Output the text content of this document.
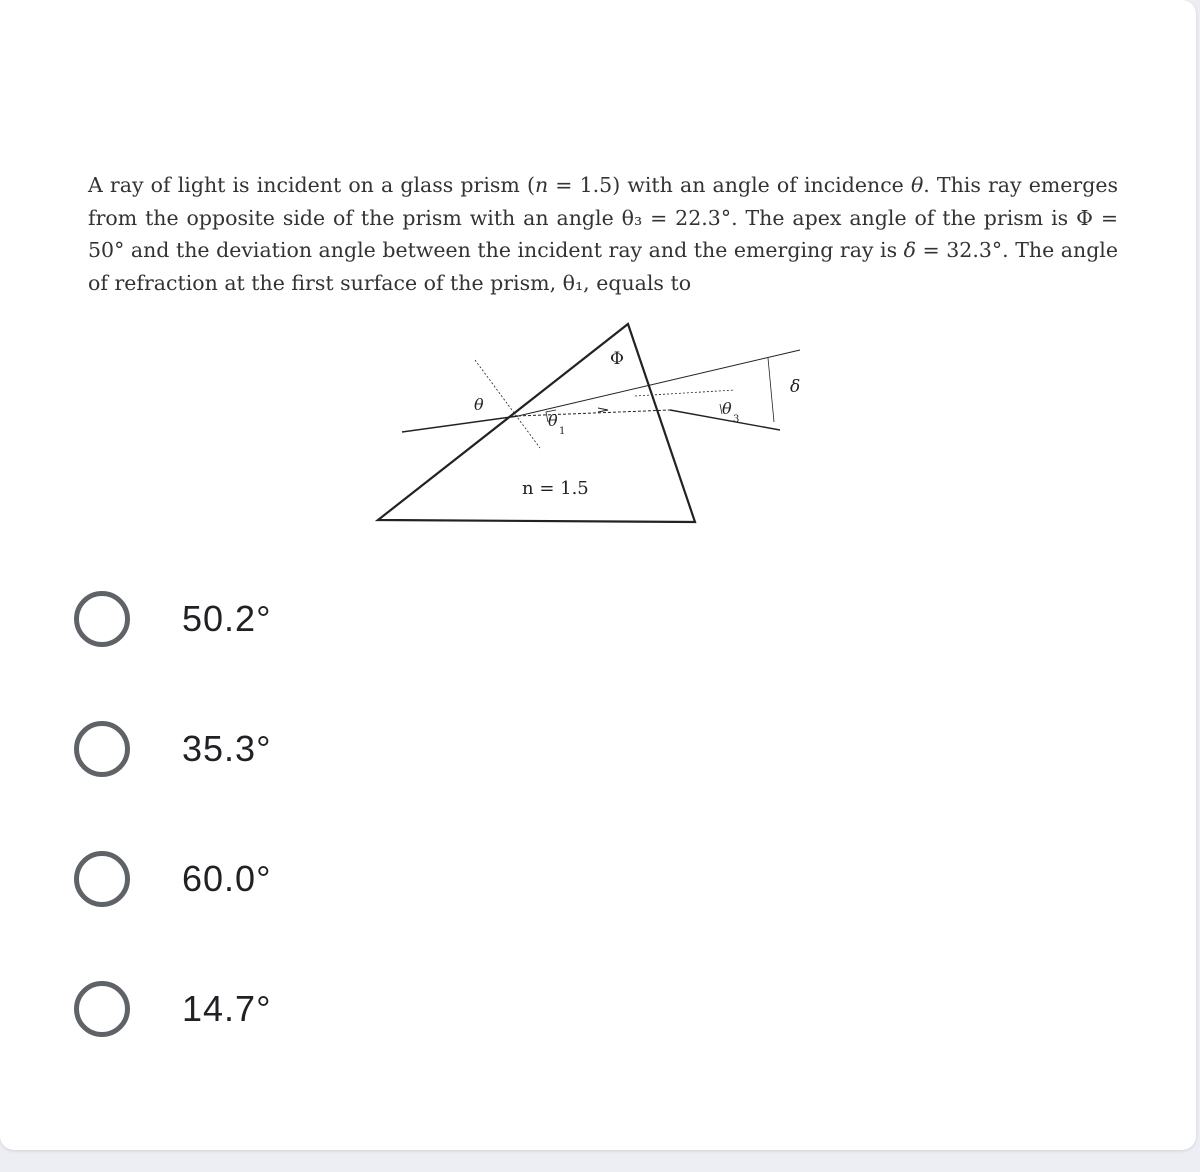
A ray of light is incident on a glass prism (n = 1.5) with an angle of incidence θ. This ray emerges from the opposite side of the prism with an angle θ₃ = 22.3°. The apex angle of the prism is Φ = 50° and the deviation angle between the incident ray and the emerging ray is δ = 32.3°. The angle of refraction at the first surface of the prism, θ₁, equals to

Φ
θ
θ
1
θ
3
δ
n = 1.5
50.2°
35.3°
60.0°
14.7°
